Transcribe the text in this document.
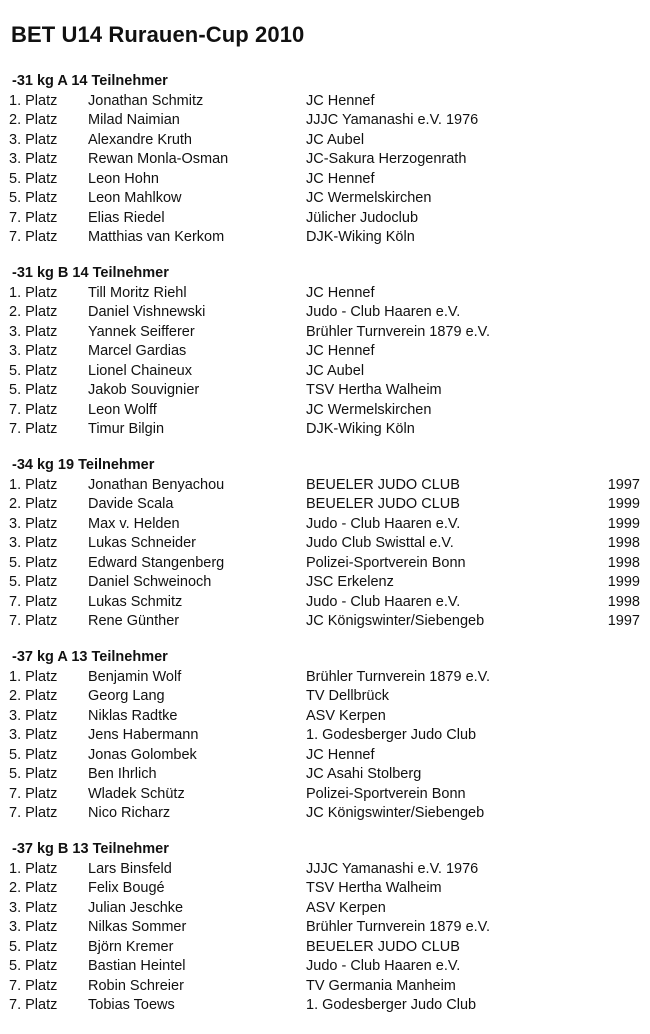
BET U14 Rurauen-Cup 2010
-31 kg A 14 Teilnehmer
1. Platz Jonathan Schmitz	JC Hennef
2. Platz Milad Naimian	JJJC Yamanashi e.V. 1976
3. Platz Alexandre Kruth	JC Aubel
3. Platz Rewan Monla-Osman	JC-Sakura Herzogenrath
5. Platz Leon Hohn	JC Hennef
5. Platz Leon Mahlkow	JC Wermelskirchen
7. Platz Elias Riedel	Jülicher Judoclub
7. Platz Matthias van Kerkom	DJK-Wiking Köln
-31 kg B 14 Teilnehmer
1. Platz Till Moritz Riehl	JC Hennef
2. Platz Daniel Vishnewski	Judo - Club Haaren e.V.
3. Platz Yannek Seifferer	Brühler Turnverein 1879 e.V.
3. Platz Marcel Gardias	JC Hennef
5. Platz Lionel Chaineux	JC Aubel
5. Platz Jakob Souvignier	TSV Hertha Walheim
7. Platz Leon Wolff	JC Wermelskirchen
7. Platz Timur Bilgin	DJK-Wiking Köln
-34 kg 19 Teilnehmer
1. Platz Jonathan Benyachou	BEUELER JUDO CLUB	1997
2. Platz Davide Scala	BEUELER JUDO CLUB	1999
3. Platz Max v. Helden	Judo - Club Haaren e.V.	1999
3. Platz Lukas Schneider	Judo Club Swisttal e.V.	1998
5. Platz Edward Stangenberg	Polizei-Sportverein Bonn	1998
5. Platz Daniel Schweinoch	JSC Erkelenz	1999
7. Platz Lukas Schmitz	Judo - Club Haaren e.V.	1998
7. Platz Rene Günther	JC Königswinter/Siebengeb	1997
-37 kg A 13 Teilnehmer
1. Platz Benjamin Wolf	Brühler Turnverein 1879 e.V.
2. Platz Georg Lang	TV Dellbrück
3. Platz Niklas Radtke	ASV Kerpen
3. Platz Jens Habermann	1. Godesberger Judo Club
5. Platz Jonas Golombek	JC Hennef
5. Platz Ben Ihrlich	JC Asahi Stolberg
7. Platz Wladek Schütz	Polizei-Sportverein Bonn
7. Platz Nico Richarz	JC Königswinter/Siebengeb
-37 kg B 13 Teilnehmer
1. Platz Lars Binsfeld	JJJC Yamanashi e.V. 1976
2. Platz Felix Bougé	TSV Hertha Walheim
3. Platz Julian Jeschke	ASV Kerpen
3. Platz Nilkas Sommer	Brühler Turnverein 1879 e.V.
5. Platz Björn Kremer	BEUELER JUDO CLUB
5. Platz Bastian Heintel	Judo - Club Haaren e.V.
7. Platz Robin Schreier	TV Germania Manheim
7. Platz Tobias Toews	1. Godesberger Judo Club
